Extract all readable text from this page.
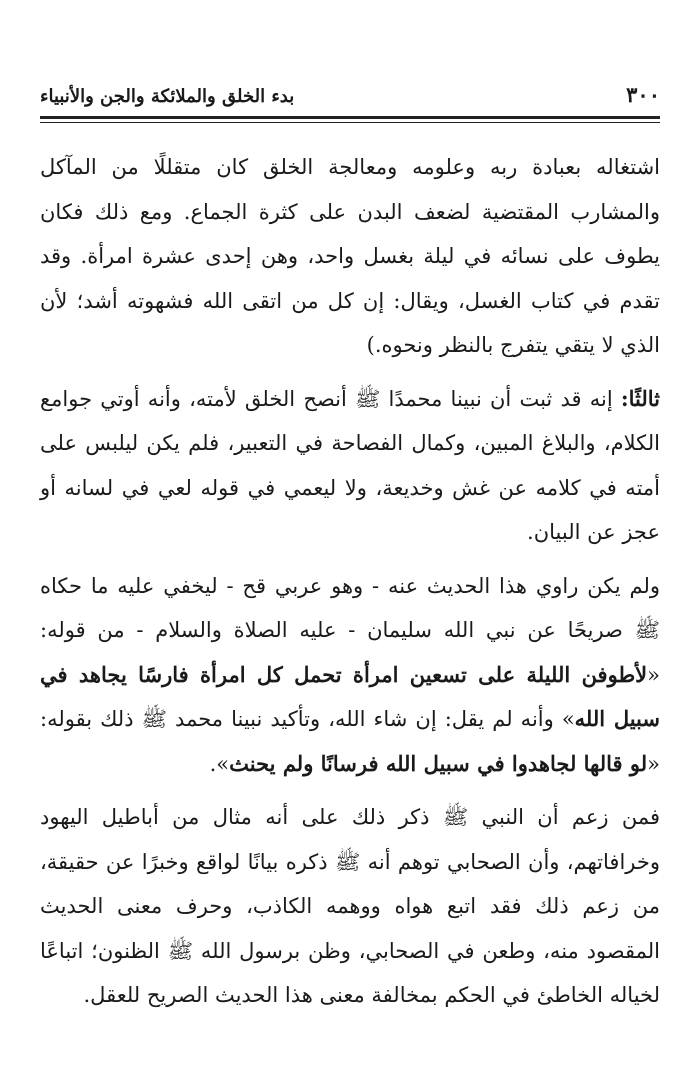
٣٠٠
بدء الخلق والملائكة والجن والأنبياء

اشتغاله بعبادة ربه وعلومه ومعالجة الخلق كان متقللًا من المآكل والمشارب المقتضية لضعف البدن على كثرة الجماع. ومع ذلك فكان يطوف على نسائه في ليلة بغسل واحد، وهن إحدى عشرة امرأة. وقد تقدم في كتاب الغسل، ويقال: إن كل من اتقى الله فشهوته أشد؛ لأن الذي لا يتقي يتفرج بالنظر ونحوه.)

ثالثًا: إنه قد ثبت أن نبينا محمدًا ﷺ أنصح الخلق لأمته، وأنه أوتي جوامع الكلام، والبلاغ المبين، وكمال الفصاحة في التعبير، فلم يكن ليلبس على أمته في كلامه عن غش وخديعة، ولا ليعمي في قوله لعي في لسانه أو عجز عن البيان.

ولم يكن راوي هذا الحديث عنه - وهو عربي قح - ليخفي عليه ما حكاه ﷺ صريحًا عن نبي الله سليمان - عليه الصلاة والسلام - من قوله: «لأطوفن الليلة على تسعين امرأة تحمل كل امرأة فارسًا يجاهد في سبيل الله» وأنه لم يقل: إن شاء الله، وتأكيد نبينا محمد ﷺ ذلك بقوله: «لو قالها لجاهدوا في سبيل الله فرسانًا ولم يحنث».

فمن زعم أن النبي ﷺ ذكر ذلك على أنه مثال من أباطيل اليهود وخرافاتهم، وأن الصحابي توهم أنه ﷺ ذكره بيانًا لواقع وخبرًا عن حقيقة، من زعم ذلك فقد اتبع هواه ووهمه الكاذب، وحرف معنى الحديث المقصود منه، وطعن في الصحابي، وظن برسول الله ﷺ الظنون؛ اتباعًا لخياله الخاطئ في الحكم بمخالفة معنى هذا الحديث الصريح للعقل.
